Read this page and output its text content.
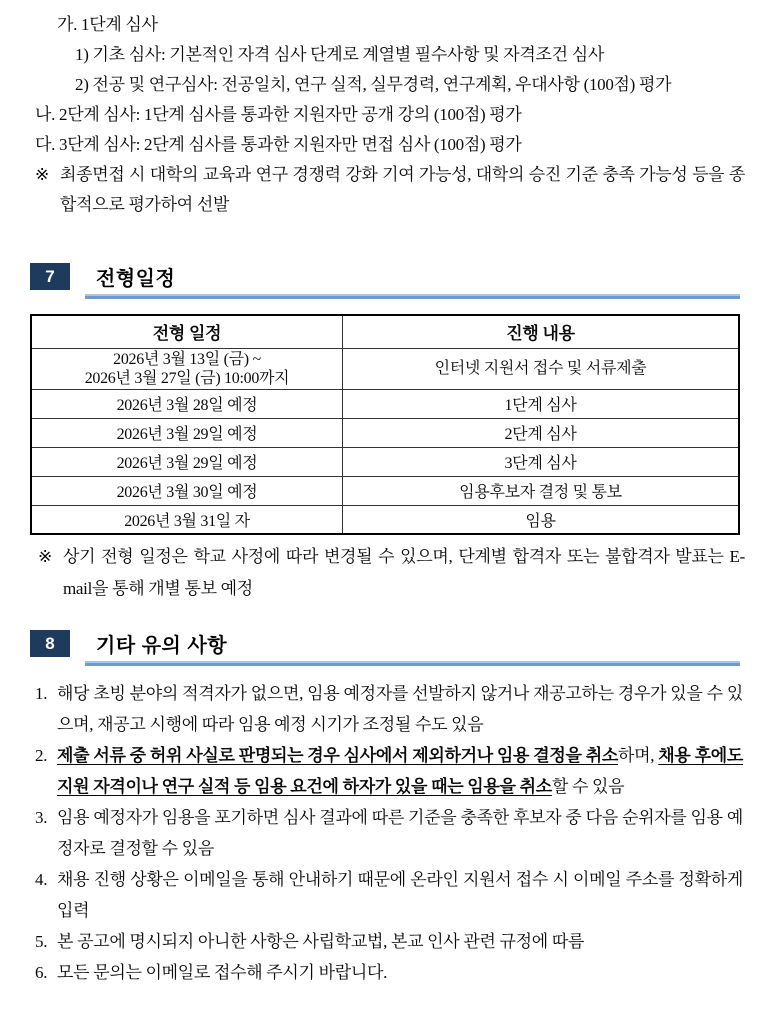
가. 1단계 심사

1) 기초 심사: 기본적인 자격 심사 단계로 계열별 필수사항 및 자격조건 심사

2) 전공 및 연구심사: 전공일치, 연구 실적, 실무경력, 연구계획, 우대사항 (100점) 평가

나. 2단계 심사: 1단계 심사를 통과한 지원자만 공개 강의 (100점) 평가

다. 3단계 심사: 2단계 심사를 통과한 지원자만 면접 심사 (100점) 평가

※ 최종면접 시 대학의 교육과 연구 경쟁력 강화 기여 가능성, 대학의 승진 기준 충족 가능성 등을 종합적으로 평가하여 선발

7	전형일정
전형 일정	진행 내용
2026년 3월 13일 (금) ~
2026년 3월 27일 (금) 10:00까지	인터넷 지원서 접수 및 서류제출
2026년 3월 28일 예정	1단계 심사
2026년 3월 29일 예정	2단계 심사
2026년 3월 29일 예정	3단계 심사
2026년 3월 30일 예정	임용후보자 결정 및 통보
2026년 3월 31일 자	임용

※ 상기 전형 일정은 학교 사정에 따라 변경될 수 있으며, 단계별 합격자 또는 불합격자 발표는 E-mail을 통해 개별 통보 예정

8	기타 유의 사항

1. 해당 초빙 분야의 적격자가 없으면, 임용 예정자를 선발하지 않거나 재공고하는 경우가 있을 수 있으며, 재공고 시행에 따라 임용 예정 시기가 조정될 수도 있음

2. 제출 서류 중 허위 사실로 판명되는 경우 심사에서 제외하거나 임용 결정을 취소하며, 채용 후에도 지원 자격이나 연구 실적 등 임용 요건에 하자가 있을 때는 임용을 취소할 수 있음

3. 임용 예정자가 임용을 포기하면 심사 결과에 따른 기준을 충족한 후보자 중 다음 순위자를 임용 예정자로 결정할 수 있음

4. 채용 진행 상황은 이메일을 통해 안내하기 때문에 온라인 지원서 접수 시 이메일 주소를 정확하게 입력

5. 본 공고에 명시되지 아니한 사항은 사립학교법, 본교 인사 관련 규정에 따름

6. 모든 문의는 이메일로 접수해 주시기 바랍니다.
